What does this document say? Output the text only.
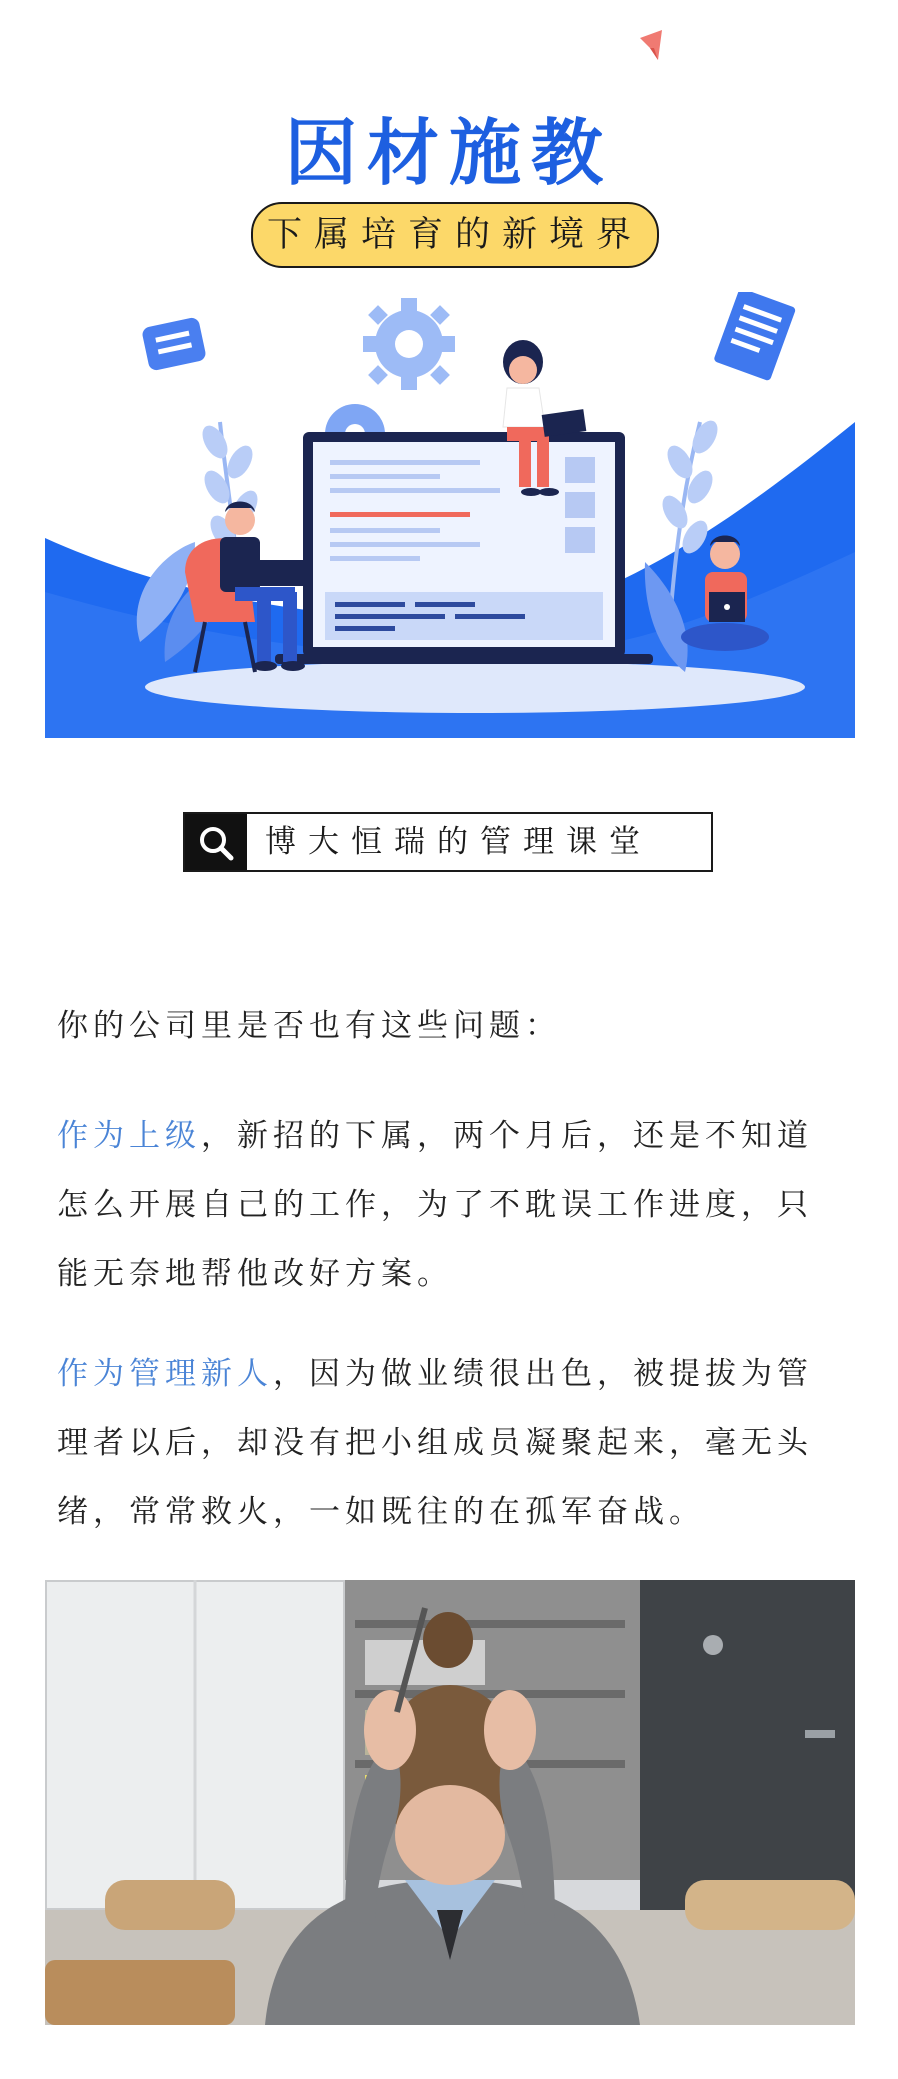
因材施教
下属培育的新境界
博大恒瑞的管理课堂
你的公司里是否也有这些问题：
作为上级，新招的下属，两个月后，还是不知道怎么开展自己的工作，为了不耽误工作进度，只能无奈地帮他改好方案。
作为管理新人，因为做业绩很出色，被提拔为管理者以后，却没有把小组成员凝聚起来，毫无头绪，常常救火，一如既往的在孤军奋战。
